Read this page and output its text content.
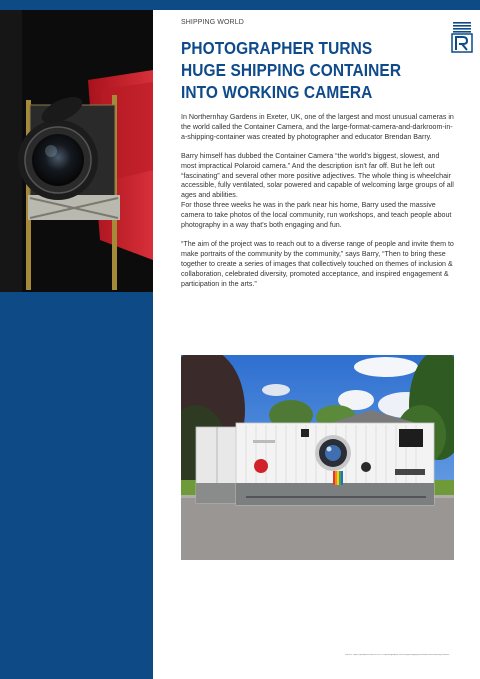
SHIPPING WORLD
PHOTOGRAPHER TURNS HUGE SHIPPING CONTAINER INTO WORKING CAMERA

In Northernhay Gardens in Exeter, UK, one of the largest and most unusual cameras in the world called the Container Camera, and the large-format-camera-and-darkroom-in-a-shipping-container was created by photographer and educator Brendan Barry.

Barry himself has dubbed the Container Camera “the world's biggest, slowest, and most impractical Polaroid camera.” And the description isn't far off. But he left out “fascinating” and several other more positive adjectives. The whole thing is wheelchair accessible, fully ventilated, solar powered and capable of welcoming large groups of all ages and abilities.
For those three weeks he was in the park near his home, Barry used the massive camera to take photos of the local community, run workshops, and teach people about photography in a way that's both engaging and fun.

“The aim of the project was to reach out to a diverse range of people and invite them to make portraits of the community by the community,” says Barry, “Then to bring these together to create a series of images that collectively touched on themes of inclusion & collaboration, celebrated diversity, promoted acceptance, and inspired engagement & participation in the arts.”

Source: https://petapixel.com/2019/07/19/photographer-turns-huge-shipping-container-into-working-camera/
